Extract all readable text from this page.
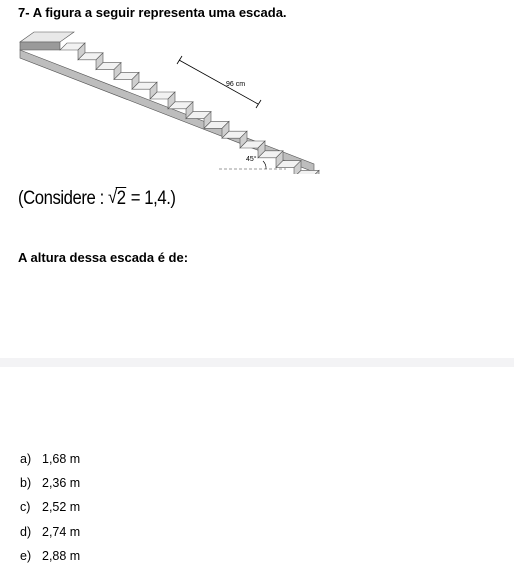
7- A figura a seguir representa uma escada.
96 cm
45°
(Considere : √ 2 = 1,4.)
A altura dessa escada é de:
a) 1,68 m
b) 2,36 m
c) 2,52 m
d) 2,74 m
e) 2,88 m
